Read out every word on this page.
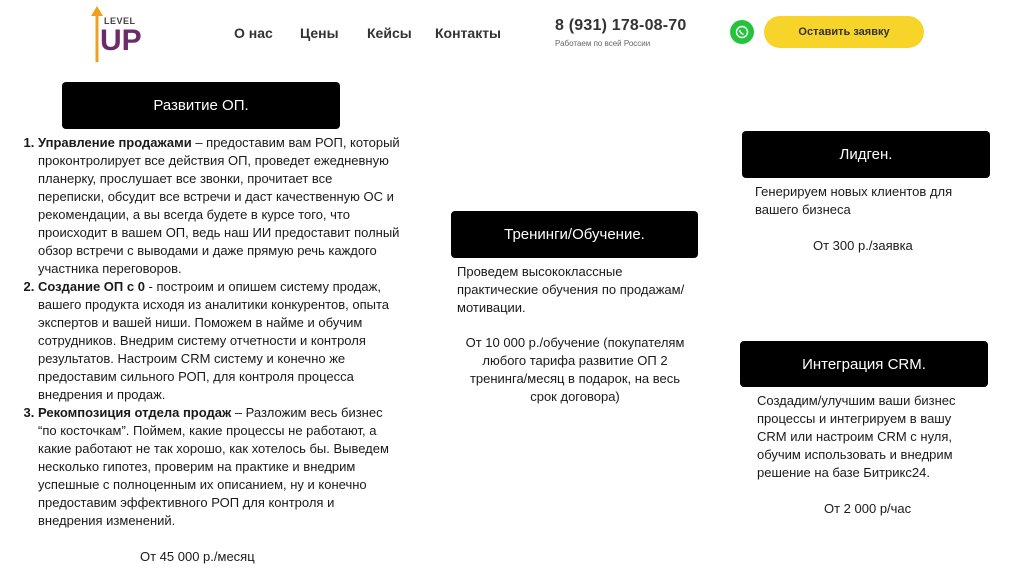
LEVEL
UP	О нас Цены Кейсы Контакты	8 (931) 178-08-70
Работаем по всей России
Оставить заявку
Развитие ОП.
1. Управление продажами – предоставим вам РОП, который проконтролирует все действия ОП, проведет ежедневную планерку, прослушает все звонки, прочитает все переписки, обсудит все встречи и даст качественную ОС и рекомендации, а вы всегда будете в курсе того, что происходит в вашем ОП, ведь наш ИИ предоставит полный обзор встречи с выводами и даже прямую речь каждого участника переговоров.
2. Создание ОП с 0 - построим и опишем систему продаж, вашего продукта исходя из аналитики конкурентов, опыта экспертов и вашей ниши. Поможем в найме и обучим сотрудников. Внедрим систему отчетности и контроля результатов. Настроим CRM систему и конечно же предоставим сильного РОП, для контроля процесса внедрения и продаж.
3. Рекомпозиция отдела продаж – Разложим весь бизнес “по косточкам”. Поймем, какие процессы не работают, а какие работают не так хорошо, как хотелось бы. Выведем несколько гипотез, проверим на практике и внедрим успешные с полноценным их описанием, ну и конечно предоставим эффективного РОП для контроля и внедрения изменений.
От 45 000 р./месяц
Тренинги/Обучение.
Проведем высококлассные практические обучения по продажам/мотивации.
От 10 000 р./обучение (покупателям любого тарифа развитие ОП 2 тренинга/месяц в подарок, на весь срок договора)
Лидген.
Генерируем новых клиентов для вашего бизнеса
От 300 р./заявка
Интеграция CRM.
Создадим/улучшим ваши бизнес процессы и интегрируем в вашу CRM или настроим CRM с нуля, обучим использовать и внедрим решение на базе Битрикс24.
От 2 000 р/час
